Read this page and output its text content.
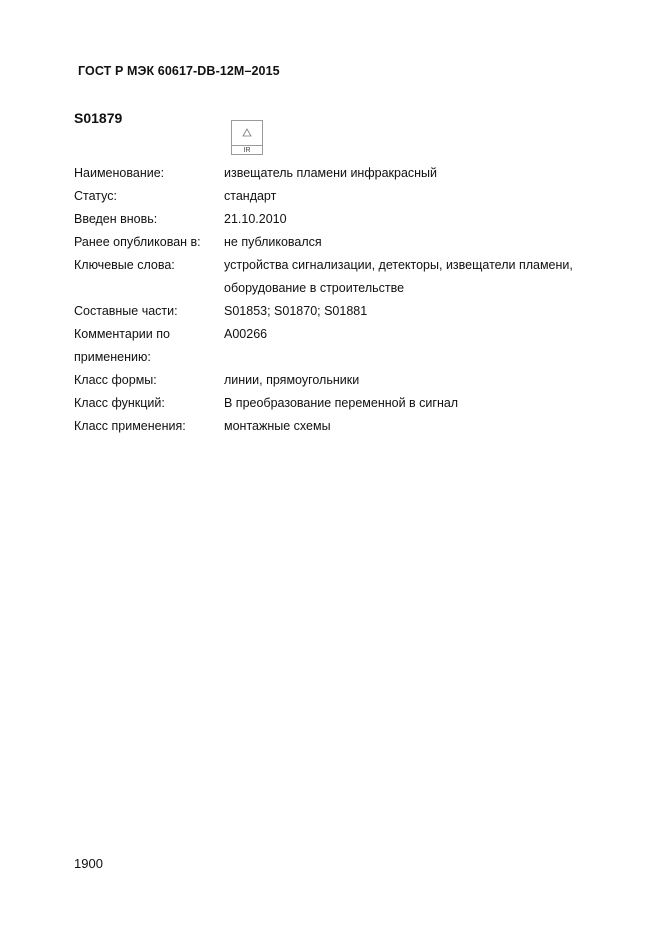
ГОСТ Р МЭК 60617-DB-12M–2015
S01879
IR
Наименование:	извещатель пламени инфракрасный
Статус:	стандарт
Введен вновь:	21.10.2010
Ранее опубликован в:	не публиковался
Ключевые слова:	устройства сигнализации, детекторы, извещатели пламени, оборудование в строительстве
Составные части:	S01853; S01870; S01881
Комментарии по применению:
A00266
Класс формы:	линии, прямоугольники
Класс функций:	В преобразование переменной в сигнал
Класс применения:	монтажные схемы
1900
